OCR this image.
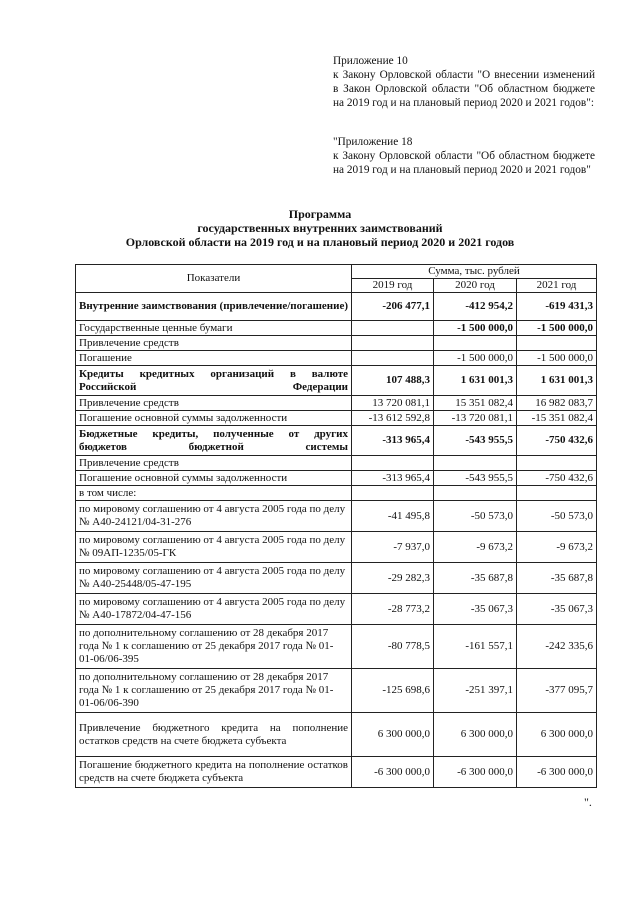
Приложение 10

к Закону Орловской области "О внесении изменений в Закон Орловской области "Об областном бюджете на 2019 год и на плановый период 2020 и 2021 годов":

"Приложение 18

к Закону Орловской области "Об областном бюджете на 2019 год и на плановый период 2020 и 2021 годов"

Программа
государственных внутренних заимствований
Орловской области на 2019 год и на плановый период 2020 и 2021 годов
Показатели	Сумма, тыс. рублей		
	2019 год	2020 год	2021 год
Внутренние заимствования (привлечение/погашение)	-206 477,1	-412 954,2	-619 431,3
Государственные ценные бумаги		-1 500 000,0	-1 500 000,0
Привлечение средств			
Погашение		-1 500 000,0	-1 500 000,0
Кредиты кредитных организаций в валюте Российской Федерации	107 488,3	1 631 001,3	1 631 001,3
Привлечение средств	13 720 081,1	15 351 082,4	16 982 083,7
Погашение основной суммы задолженности	-13 612 592,8	-13 720 081,1	-15 351 082,4
Бюджетные кредиты, полученные от других бюджетов бюджетной системы	-313 965,4	-543 955,5	-750 432,6
Привлечение средств			
Погашение основной суммы задолженности	-313 965,4	-543 955,5	-750 432,6
в том числе:			
по мировому соглашению от 4 августа 2005 года по делу № А40-24121/04-31-276	-41 495,8	-50 573,0	-50 573,0
по мировому соглашению от 4 августа 2005 года по делу № 09АП-1235/05-ГК	-7 937,0	-9 673,2	-9 673,2
по мировому соглашению от 4 августа 2005 года по делу № А40-25448/05-47-195	-29 282,3	-35 687,8	-35 687,8
по мировому соглашению от 4 августа 2005 года по делу № А40-17872/04-47-156	-28 773,2	-35 067,3	-35 067,3
по дополнительному соглашению от 28 декабря 2017 года № 1 к соглашению от 25 декабря 2017 года № 01-01-06/06-395	-80 778,5	-161 557,1	-242 335,6
по дополнительному соглашению от 28 декабря 2017 года № 1 к соглашению от 25 декабря 2017 года № 01-01-06/06-390	-125 698,6	-251 397,1	-377 095,7
Привлечение бюджетного кредита на пополнение остатков средств на счете бюджета субъекта	6 300 000,0	6 300 000,0	6 300 000,0
Погашение бюджетного кредита на пополнение остатков средств на счете бюджета субъекта	-6 300 000,0	-6 300 000,0	-6 300 000,0
".
